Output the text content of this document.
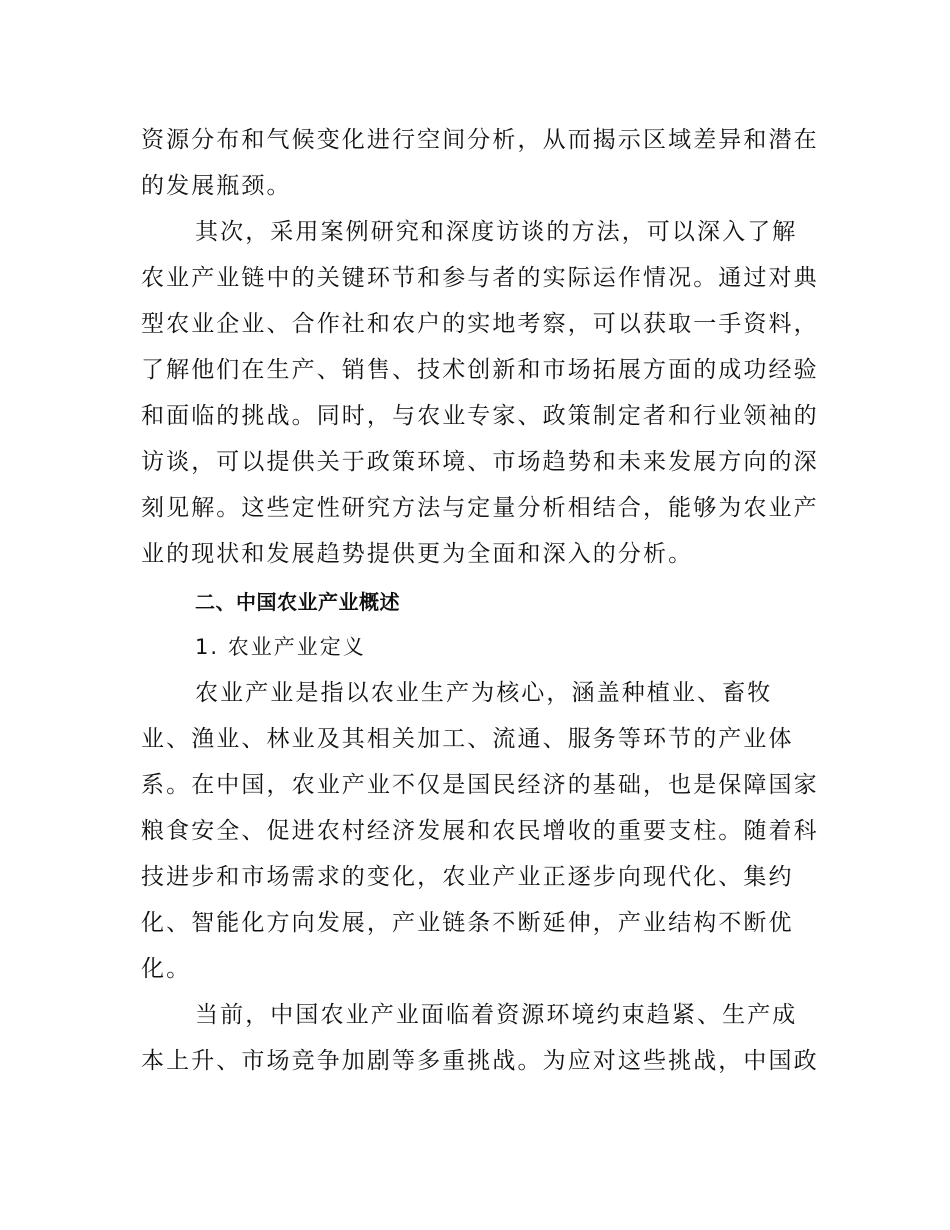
资源分布和气候变化进行空间分析，从而揭示区域差异和潜在
的发展瓶颈。
其次，采用案例研究和深度访谈的方法，可以深入了解
农业产业链中的关键环节和参与者的实际运作情况。通过对典
型农业企业、合作社和农户的实地考察，可以获取一手资料，
了解他们在生产、销售、技术创新和市场拓展方面的成功经验
和面临的挑战。同时，与农业专家、政策制定者和行业领袖的
访谈，可以提供关于政策环境、市场趋势和未来发展方向的深
刻见解。这些定性研究方法与定量分析相结合，能够为农业产
业的现状和发展趋势提供更为全面和深入的分析。
二、中国农业产业概述
1. 农业产业定义
农业产业是指以农业生产为核心，涵盖种植业、畜牧
业、渔业、林业及其相关加工、流通、服务等环节的产业体
系。在中国，农业产业不仅是国民经济的基础，也是保障国家
粮食安全、促进农村经济发展和农民增收的重要支柱。随着科
技进步和市场需求的变化，农业产业正逐步向现代化、集约
化、智能化方向发展，产业链条不断延伸，产业结构不断优
化。
当前，中国农业产业面临着资源环境约束趋紧、生产成
本上升、市场竞争加剧等多重挑战。为应对这些挑战，中国政
